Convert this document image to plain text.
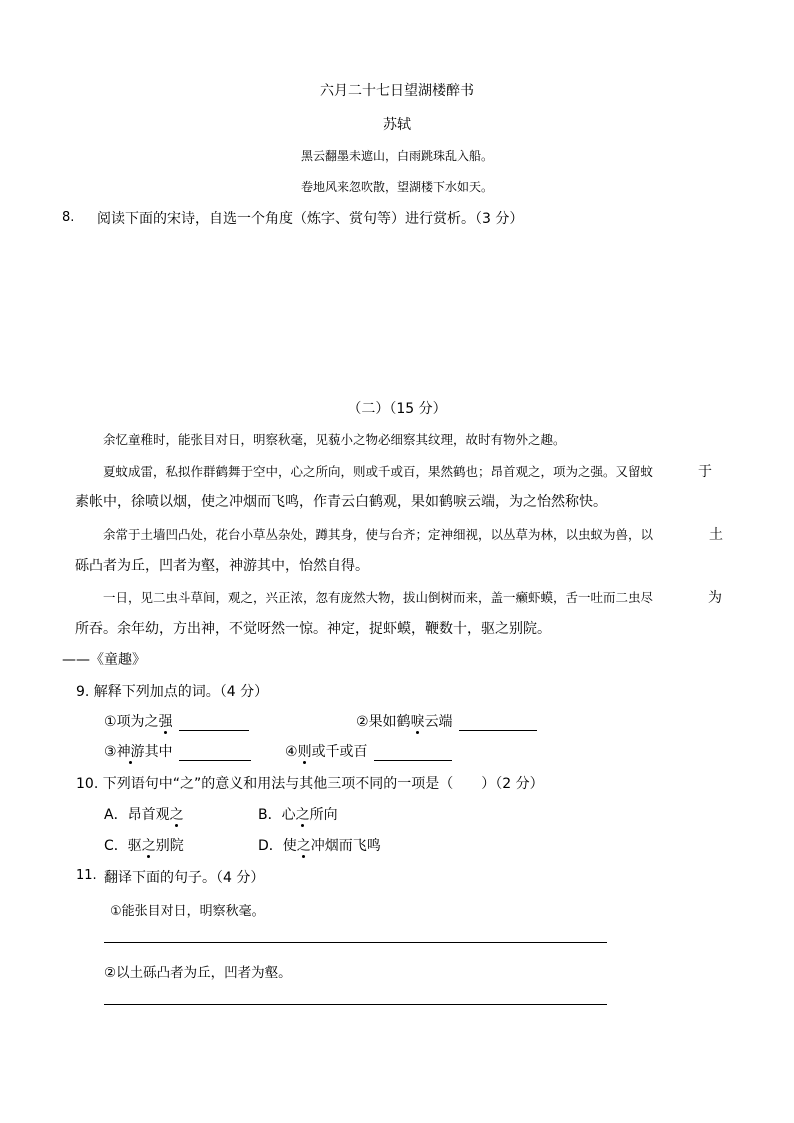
六月二十七日望湖楼醉书
苏轼
黑云翻墨未遮山，白雨跳珠乱入船。
卷地风来忽吹散，望湖楼下水如天。
8. 阅读下面的宋诗，自选一个角度（炼字、赏句等）进行赏析。（3 分）
（二）（15 分）
余忆童稚时，能张目对日，明察秋毫，见藐小之物必细察其纹理，故时有物外之趣。
夏蚊成雷，私拟作群鹤舞于空中，心之所向，则或千或百，果然鹤也；昂首观之，项为之强。又留蚊	于
素帐中，徐喷以烟，使之冲烟而飞鸣，作青云白鹤观，果如鹤唳云端，为之怡然称快。
余常于土墙凹凸处，花台小草丛杂处，蹲其身，使与台齐；定神细视，以丛草为林，以虫蚁为兽，以	土
砾凸者为丘，凹者为壑，神游其中，怡然自得。
一日，见二虫斗草间，观之，兴正浓，忽有庞然大物，拔山倒树而来，盖一癞虾蟆，舌一吐而二虫尽	为
所吞。余年幼，方出神，不觉呀然一惊。神定，捉虾蟆，鞭数十，驱之别院。
——《童趣》
9. 解释下列加点的词。（4 分）
①项为之强	②果如鹤唳云端
③神游其中	④则或千或百
10. 下列语句中“之”的意义和用法与其他三项不同的一项是（　　）（2 分）
A．昂首观之	B．心之所向
C．驱之别院	D．使之冲烟而飞鸣
11. 翻译下面的句子。（4 分）
①能张目对日，明察秋毫。
②以土砾凸者为丘，凹者为壑。
